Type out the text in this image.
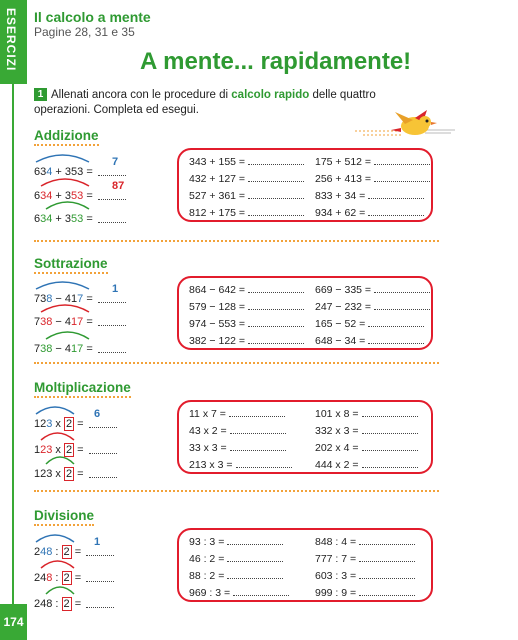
ESERCIZI
174
Il calcolo a mente
Pagine 28, 31 e 35
A mente... rapidamente!
1 Allenati ancora con le procedure di calcolo rapido delle quattro operazioni. Completa ed esegui.
Addizione
Sottrazione
Moltiplicazione
Divisione
634 + 353 =
7
634 + 353 =
87
634 + 353 =
738 − 417 =
1
738 − 417 =
738 − 417 =
123 x 2 =
6
123 x 2 =
123 x 2 =
248 : 2 =
1
248 : 2 =
248 : 2 =
343 + 155 =
432 + 127 =
527 + 361 =
812 + 175 =
175 + 512 =
256 + 413 =
833 + 34 =
934 + 62 =
864 − 642 =
579 − 128 =
974 − 553 =
382 − 122 =
669 − 335 =
247 − 232 =
165 − 52 =
648 − 34 =
11 x 7 =
43 x 2 =
33 x 3 =
213 x 3 =
101 x 8 =
332 x 3 =
202 x 4 =
444 x 2 =
93 : 3 =
46 : 2 =
88 : 2 =
969 : 3 =
848 : 4 =
777 : 7 =
603 : 3 =
999 : 9 =
